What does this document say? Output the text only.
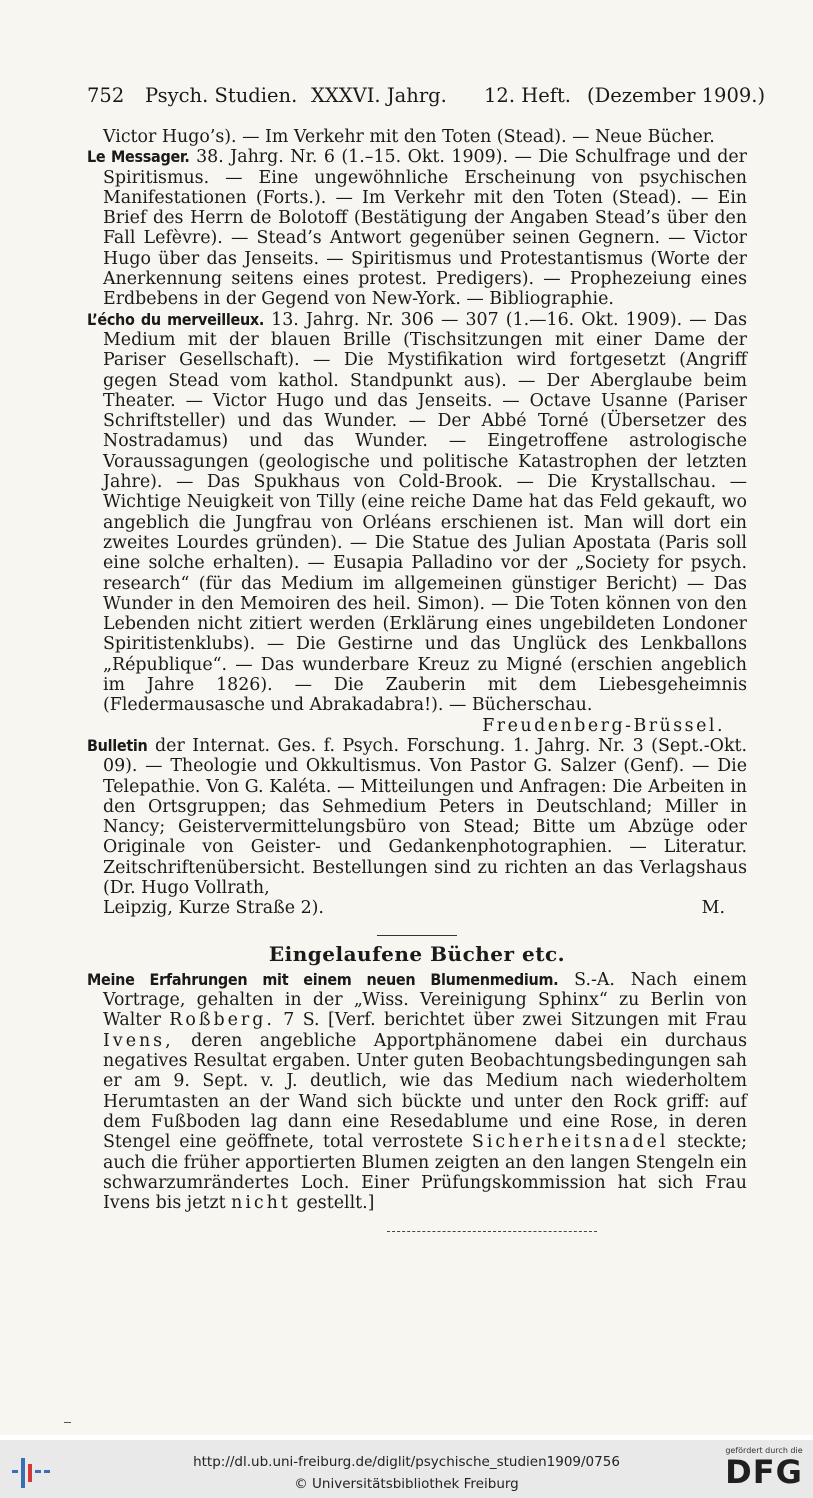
752 Psych. Studien. XXXVI. Jahrg. 12. Heft. (Dezember 1909.)

Victor Hugo’s). — Im Verkehr mit den Toten (Stead). — Neue Bücher.

Le Messager. 38. Jahrg. Nr. 6 (1.–15. Okt. 1909). — Die Schulfrage und der Spiritismus. — Eine ungewöhnliche Erscheinung von psychischen Manifestationen (Forts.). — Im Verkehr mit den Toten (Stead). — Ein Brief des Herrn de Bolotoff (Bestätigung der Angaben Stead’s über den Fall Lefèvre). — Stead’s Antwort gegenüber seinen Gegnern. — Victor Hugo über das Jenseits. — Spiritismus und Protestantismus (Worte der Anerkennung seitens eines protest. Predigers). — Prophezeiung eines Erdbebens in der Gegend von New-York. — Bibliographie.

L’écho du merveilleux. 13. Jahrg. Nr. 306 — 307 (1.—16. Okt. 1909). — Das Medium mit der blauen Brille (Tischsitzungen mit einer Dame der Pariser Gesellschaft). — Die Mystifikation wird fortgesetzt (Angriff gegen Stead vom kathol. Standpunkt aus). — Der Aberglaube beim Theater. — Victor Hugo und das Jenseits. — Octave Usanne (Pariser Schriftsteller) und das Wunder. — Der Abbé Torné (Übersetzer des Nostradamus) und das Wunder. — Eingetroffene astrologische Voraussagungen (geologische und politische Katastrophen der letzten Jahre). — Das Spukhaus von Cold-Brook. — Die Krystallschau. — Wichtige Neuigkeit von Tilly (eine reiche Dame hat das Feld gekauft, wo angeblich die Jungfrau von Orléans erschienen ist. Man will dort ein zweites Lourdes gründen). — Die Statue des Julian Apostata (Paris soll eine solche erhalten). — Eusapia Palladino vor der „Society for psych. research“ (für das Medium im allgemeinen günstiger Bericht) — Das Wunder in den Memoiren des heil. Simon). — Die Toten können von den Lebenden nicht zitiert werden (Erklärung eines ungebildeten Londoner Spiritistenklubs). — Die Gestirne und das Unglück des Lenkballons „République“. — Das wunderbare Kreuz zu Migné (erschien angeblich im Jahre 1826). — Die Zauberin mit dem Liebesgeheimnis (Fledermausasche und Abrakadabra!). — Bücherschau.
Freudenberg-Brüssel.

Bulletin der Internat. Ges. f. Psych. Forschung. 1. Jahrg. Nr. 3 (Sept.-Okt. 09). — Theologie und Okkultismus. Von Pastor G. Salzer (Genf). — Die Telepathie. Von G. Kaléta. — Mitteilungen und Anfragen: Die Arbeiten in den Ortsgruppen; das Sehmedium Peters in Deutschland; Miller in Nancy; Geistervermittelungsbüro von Stead; Bitte um Abzüge oder Originale von Geister- und Gedankenphotographien. — Literatur. Zeitschriftenübersicht. Bestellungen sind zu richten an das Verlagshaus (Dr. Hugo Vollrath,

Leipzig, Kurze Straße 2).	M.
Eingelaufene Bücher etc.

Meine Erfahrungen mit einem neuen Blumenmedium. S.-A. Nach einem Vortrage, gehalten in der „Wiss. Vereinigung Sphinx“ zu Berlin von Walter Roßberg. 7 S. [Verf. berichtet über zwei Sitzungen mit Frau Ivens, deren angebliche Apportphänomene dabei ein durchaus negatives Resultat ergaben. Unter guten Beobachtungsbedingungen sah er am 9. Sept. v. J. deutlich, wie das Medium nach wiederholtem Herumtasten an der Wand sich bückte und unter den Rock griff: auf dem Fußboden lag dann eine Resedablume und eine Rose, in deren Stengel eine geöffnete, total verrostete Sicherheitsnadel steckte; auch die früher apportierten Blumen zeigten an den langen Stengeln ein schwarzumrändertes Loch. Einer Prüfungskommission hat sich Frau Ivens bis jetzt nicht gestellt.]

http://dl.ub.uni-freiburg.de/diglit/psychische_studien1909/0756
© Universitätsbibliothek Freiburg
gefördert durch die
DFG
